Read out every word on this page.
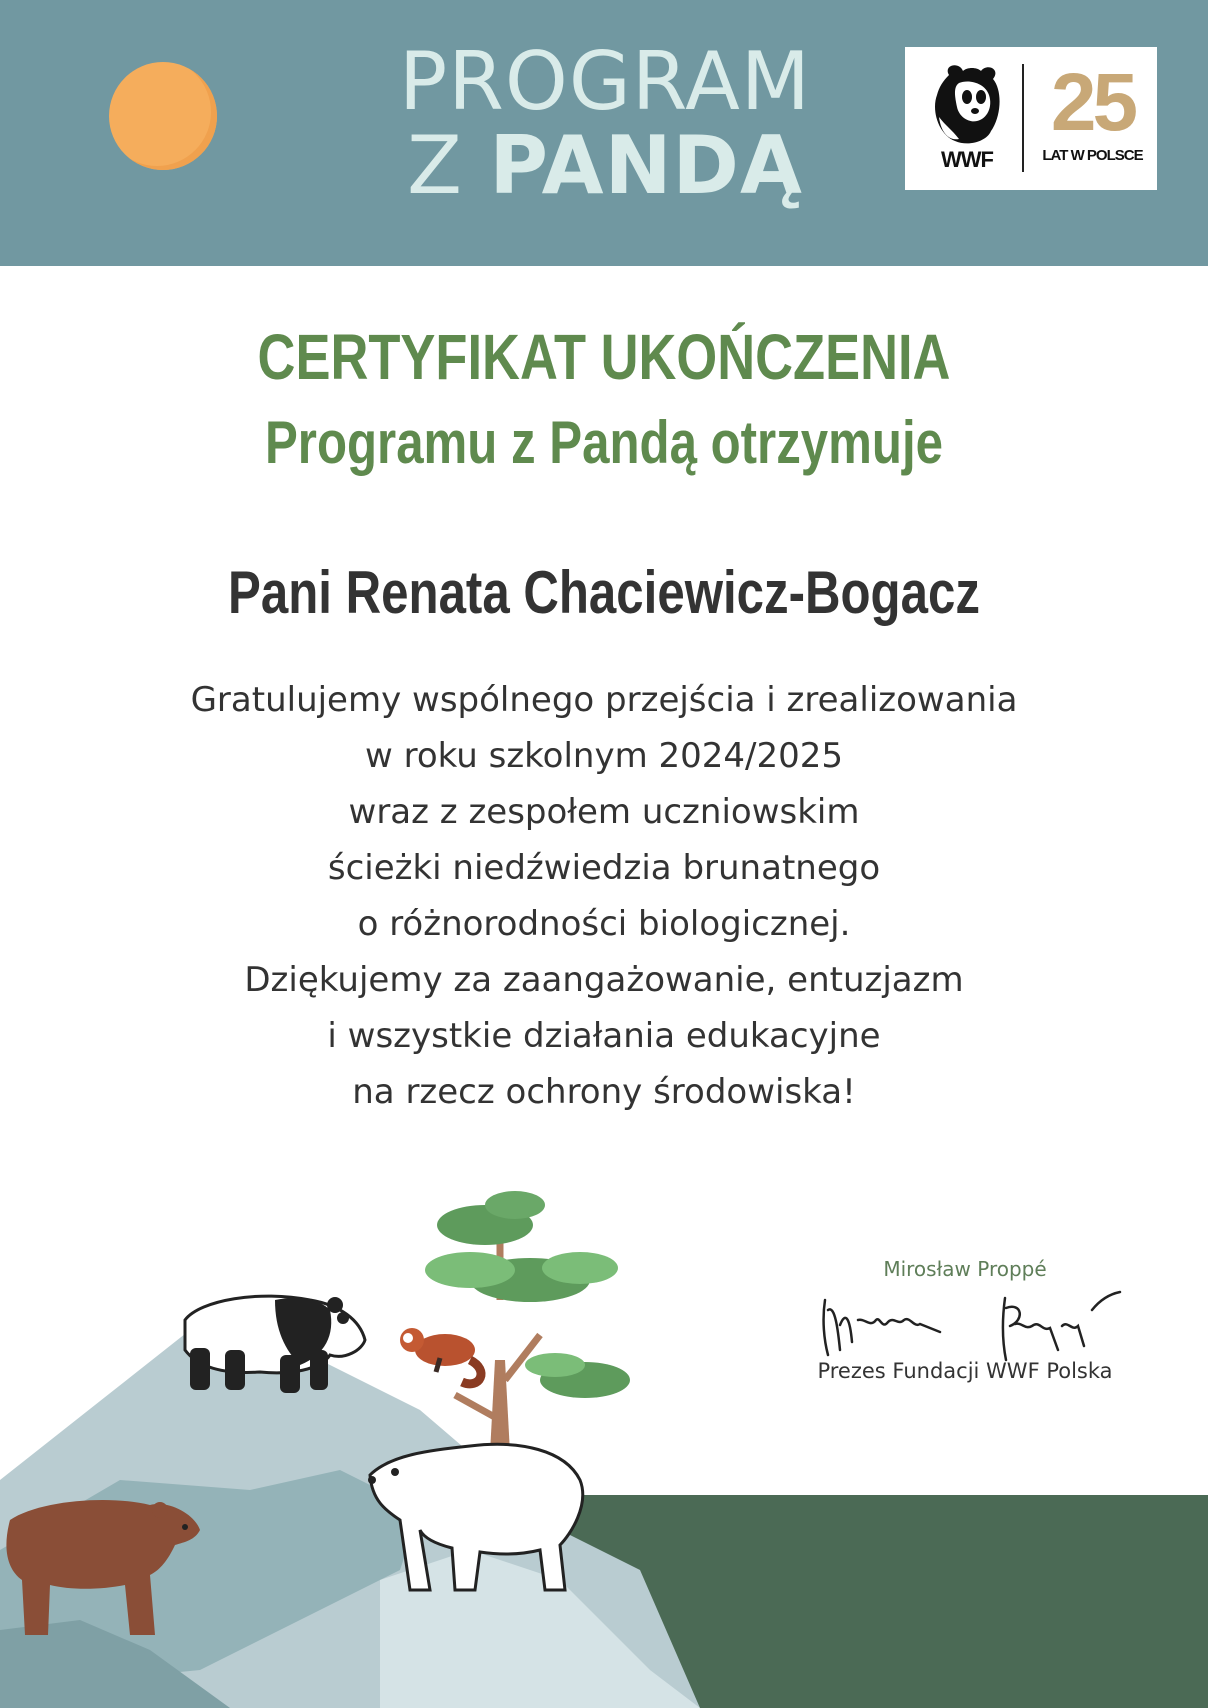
PROGRAM
Z PANDĄ	WWF
25
LAT W POLSCE
CERTYFIKAT UKOŃCZENIA
Programu z Pandą otrzymuje
Pani Renata Chaciewicz-Bogacz
Gratulujemy wspólnego przejścia i zrealizowania
w roku szkolnym 2024/2025
wraz z zespołem uczniowskim
ścieżki niedźwiedzia brunatnego
o różnorodności biologicznej.
Dziękujemy za zaangażowanie, entuzjazm
i wszystkie działania edukacyjne
na rzecz ochrony środowiska!
Mirosław Proppé
Prezes Fundacji WWF Polska
